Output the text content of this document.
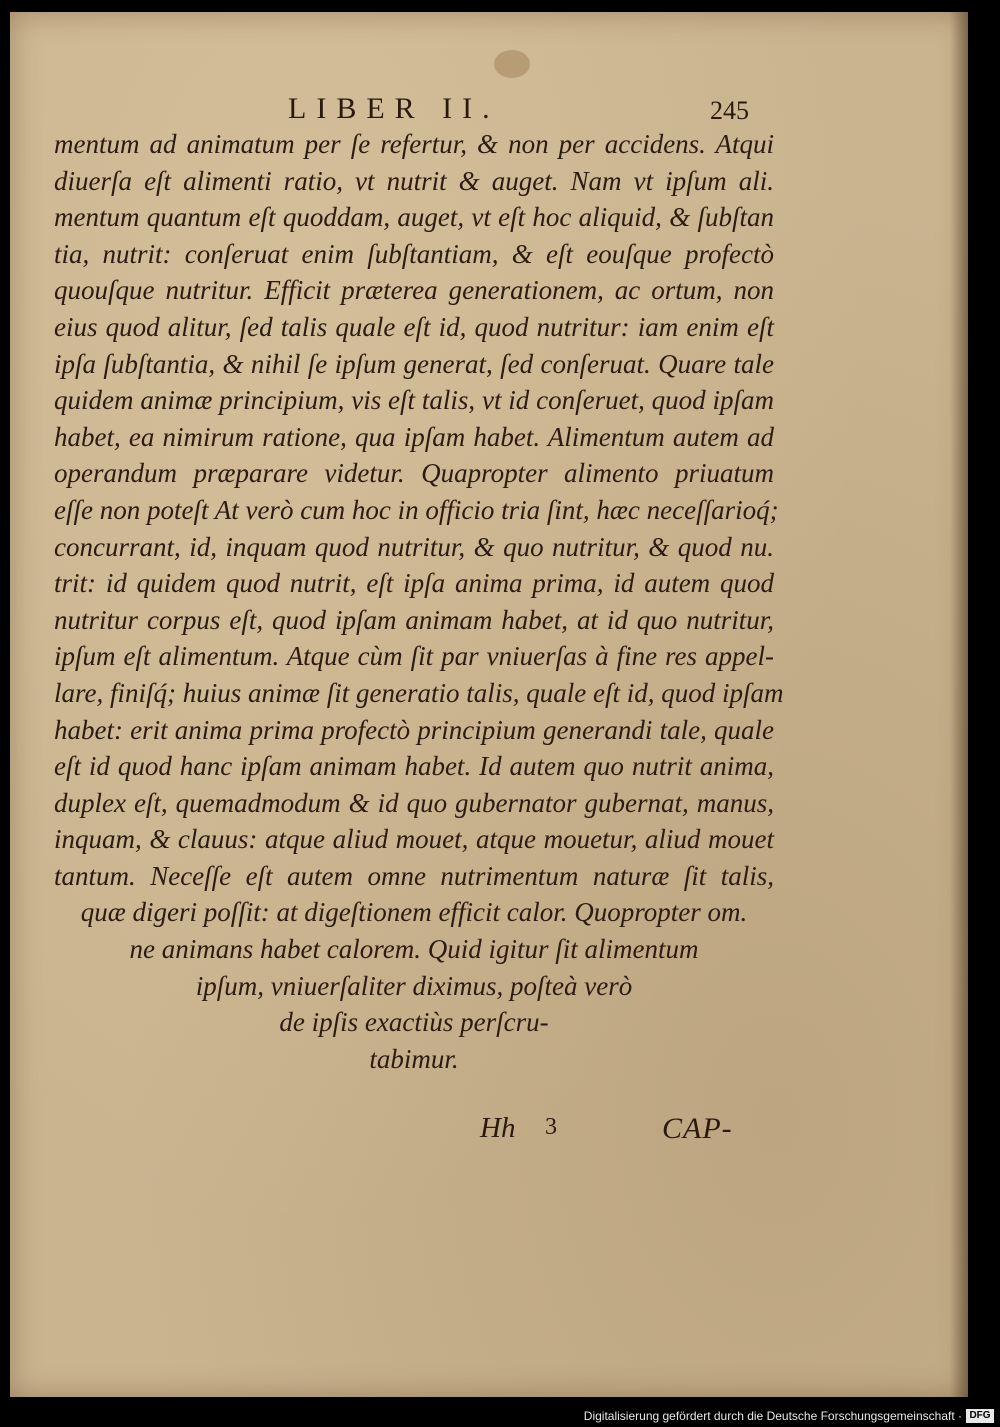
LIBER II.	245
mentum ad animatum per ſe refertur, & non per accidens. Atqui
diuerſa eſt alimenti ratio, vt nutrit & auget. Nam vt ipſum ali.
mentum quantum eſt quoddam, auget, vt eſt hoc aliquid, & ſubſtan
tia, nutrit: conſeruat enim ſubſtantiam, & eſt eouſque profectò
quouſque nutritur. Efficit præterea generationem, ac ortum, non
eius quod alitur, ſed talis quale eſt id, quod nutritur: iam enim eſt
ipſa ſubſtantia, & nihil ſe ipſum generat, ſed conſeruat. Quare tale
quidem animæ principium, vis eſt talis, vt id conſeruet, quod ipſam
habet, ea nimirum ratione, qua ipſam habet. Alimentum autem ad
operandum præparare videtur. Quapropter alimento priuatum
eſſe non poteſt At verò cum hoc in officio tria ſint, hæc neceſſarioq́;
concurrant, id, inquam quod nutritur, & quo nutritur, & quod nu.
trit: id quidem quod nutrit, eſt ipſa anima prima, id autem quod
nutritur corpus eſt, quod ipſam animam habet, at id quo nutritur,
ipſum eſt alimentum. Atque cùm ſit par vniuerſas à fine res appel-
lare, finiſq́; huius animæ ſit generatio talis, quale eſt id, quod ipſam
habet: erit anima prima profectò principium generandi tale, quale
eſt id quod hanc ipſam animam habet. Id autem quo nutrit anima,
duplex eſt, quemadmodum & id quo gubernator gubernat, manus,
inquam, & clauus: atque aliud mouet, atque mouetur, aliud mouet
tantum. Neceſſe eſt autem omne nutrimentum naturæ ſit talis,
quæ digeri poſſit: at digeſtionem efficit calor. Quopropter om.
ne animans habet calorem. Quid igitur ſit alimentum
ipſum, vniuerſaliter diximus, poſteà verò
de ipſis exactiùs perſcru-
tabimur.
Hh 3	CAP-
Digitalisierung gefördert durch die Deutsche Forschungsgemeinschaft · DFG
